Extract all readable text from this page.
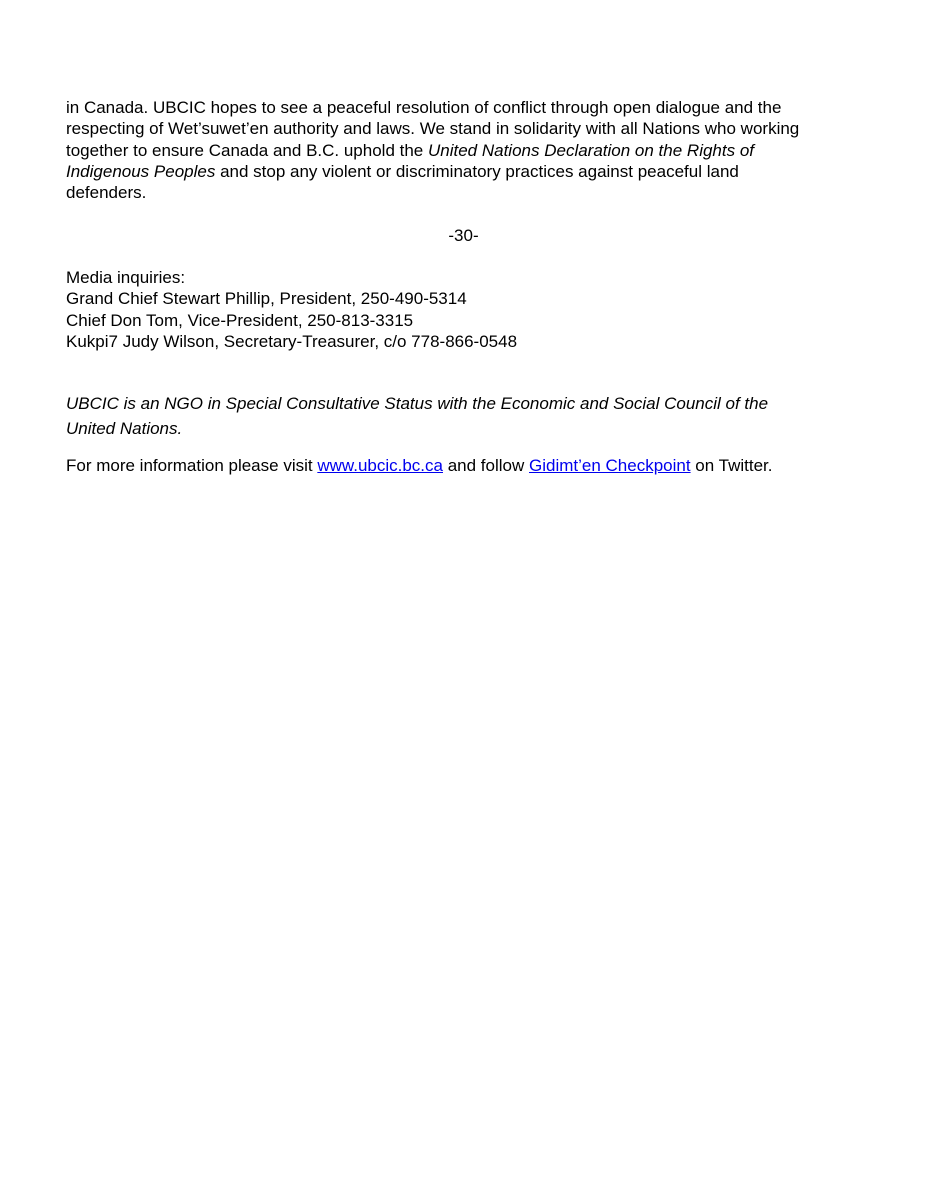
in Canada. UBCIC hopes to see a peaceful resolution of conflict through open dialogue and the
respecting of Wet’suwet’en authority and laws. We stand in solidarity with all Nations who working
together to ensure Canada and B.C. uphold the United Nations Declaration on the Rights of
Indigenous Peoples and stop any violent or discriminatory practices against peaceful land
defenders.
-30-
Media inquiries:
Grand Chief Stewart Phillip, President, 250-490-5314
Chief Don Tom, Vice-President, 250-813-3315
Kukpi7 Judy Wilson, Secretary-Treasurer, c/o 778-866-0548
UBCIC is an NGO in Special Consultative Status with the Economic and Social Council of the
United Nations.
For more information please visit www.ubcic.bc.ca and follow Gidimt’en Checkpoint on Twitter.
